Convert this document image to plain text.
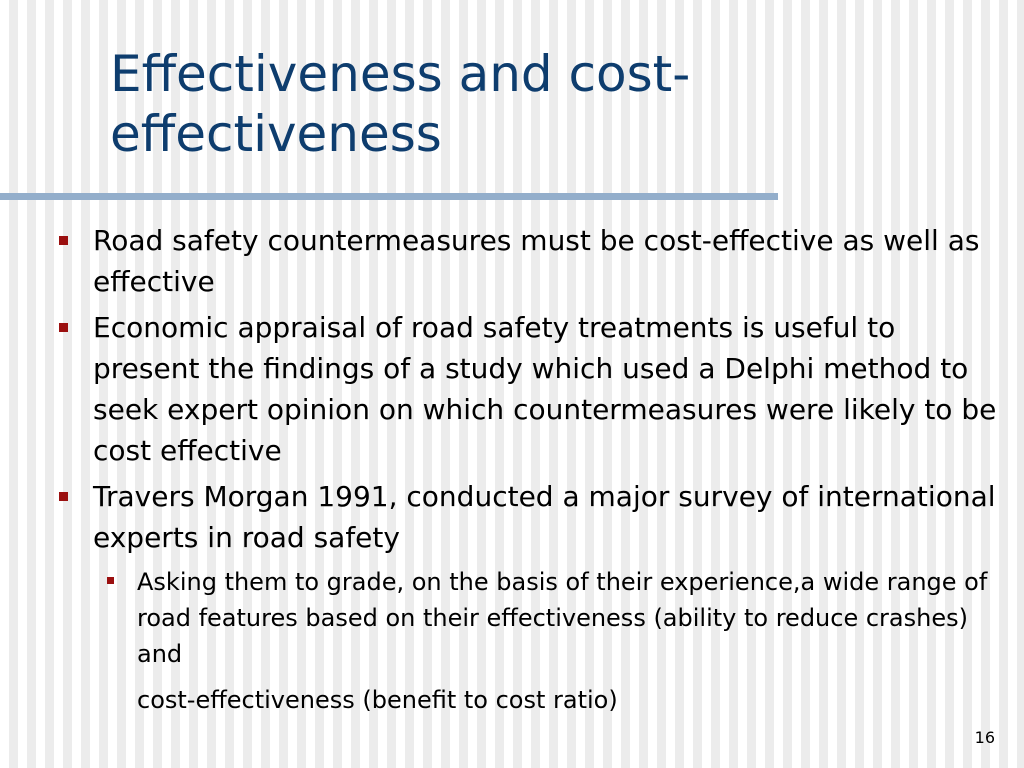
Effectiveness and cost-effectiveness
Road safety countermeasures must be cost-effective as well as effective
Economic appraisal of road safety treatments is useful to present the findings of a study which used a Delphi method to seek expert opinion on which countermeasures were likely to be cost effective
Travers Morgan 1991, conducted a major survey of international experts in road safety
Asking them to grade, on the basis of their experience,a wide range of road features based on their effectiveness (ability to reduce crashes) and
cost-effectiveness (benefit to cost ratio)
16
